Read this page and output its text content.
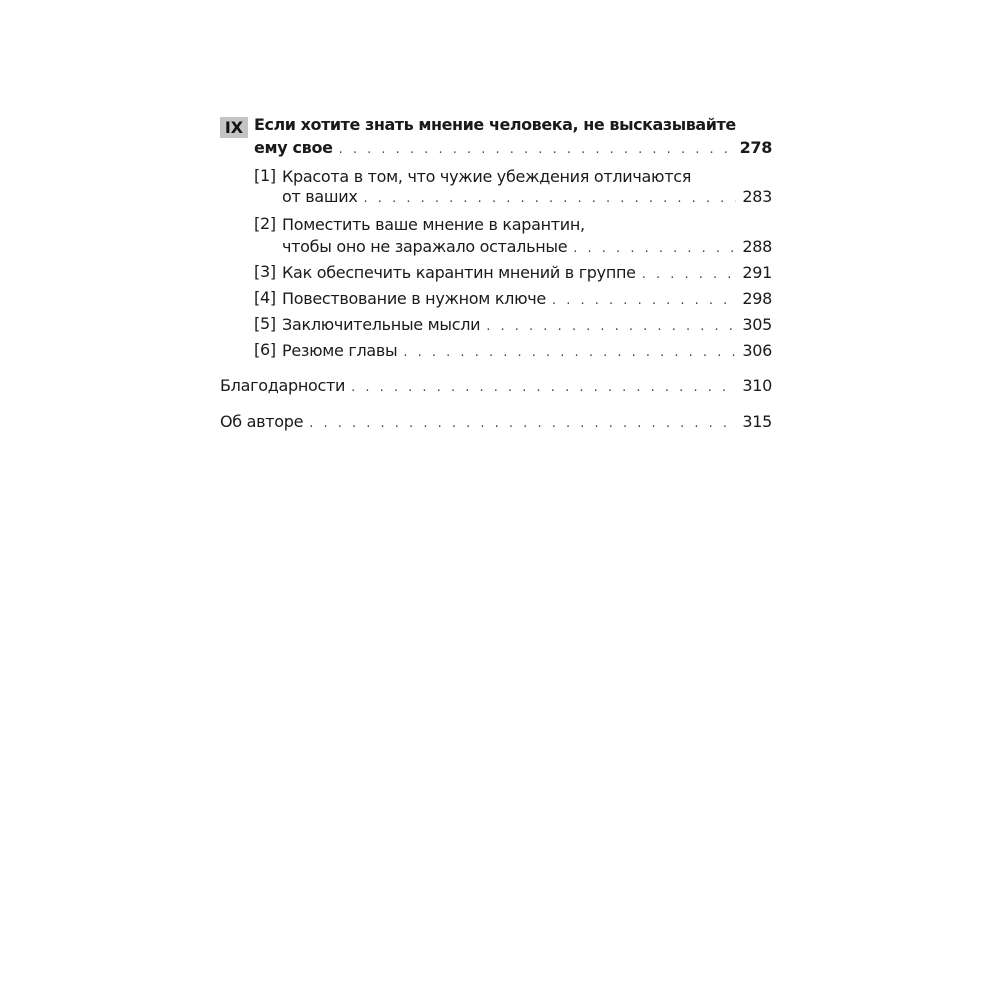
IX Если хотите знать мнение человека, не высказывайте
ему свое . . .	278
[1] Красота в том, что чужие убеждения отличаются
от ваших . . .	283
[2] Поместить ваше мнение в карантин,
чтобы оно не заражало остальные . . .	288
[3] Как обеспечить карантин мнений в группе . . .	291
[4] Повествование в нужном ключе . . .	298
[5] Заключительные мысли . . .	305
[6] Резюме главы . . .	306
Благодарности . . .	310
Об авторе . . .	315
